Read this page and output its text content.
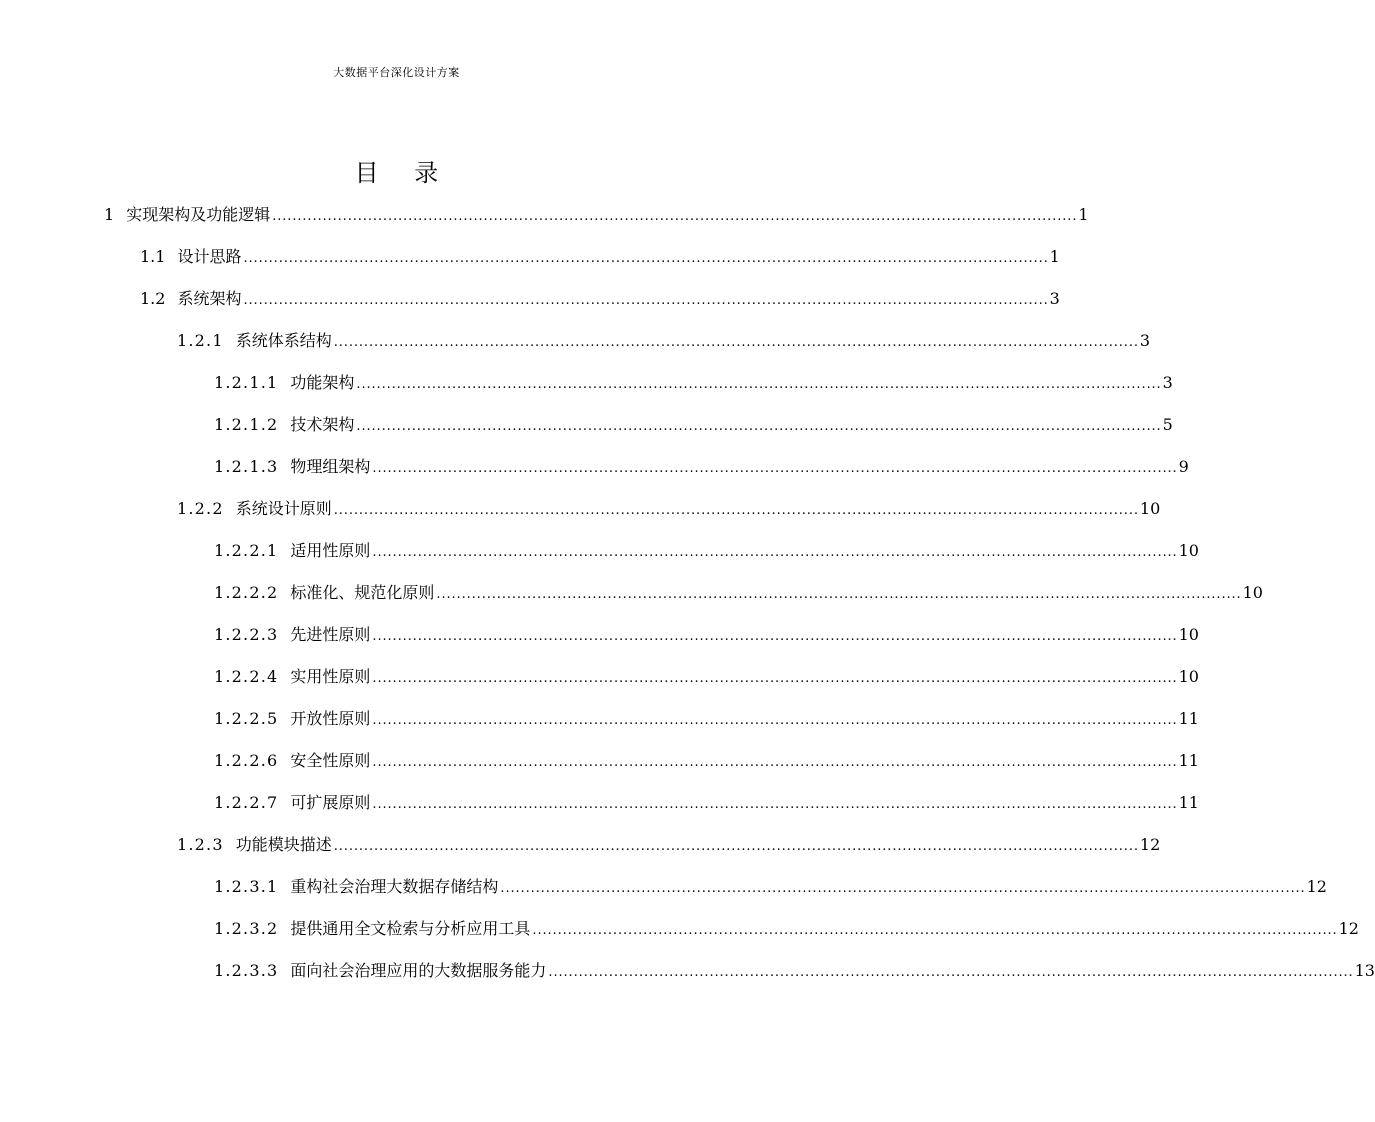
大数据平台深化设计方案
目 录
1 实现架构及功能逻辑 ................................................................................................................................................................ 1
1.1 设计思路 ................................................................................................................................................................ 1
1.2 系统架构 ................................................................................................................................................................ 3
1.2.1 系统体系结构 ................................................................................................................................................................ 3
1.2.1.1 功能架构 ................................................................................................................................................................ 3
1.2.1.2 技术架构 ................................................................................................................................................................ 5
1.2.1.3 物理组架构 ................................................................................................................................................................ 9
1.2.2 系统设计原则 ................................................................................................................................................................ 10
1.2.2.1 适用性原则 ................................................................................................................................................................ 10
1.2.2.2 标准化、规范化原则 ................................................................................................................................................................ 10
1.2.2.3 先进性原则 ................................................................................................................................................................ 10
1.2.2.4 实用性原则 ................................................................................................................................................................ 10
1.2.2.5 开放性原则 ................................................................................................................................................................ 11
1.2.2.6 安全性原则 ................................................................................................................................................................ 11
1.2.2.7 可扩展原则 ................................................................................................................................................................ 11
1.2.3 功能模块描述 ................................................................................................................................................................ 12
1.2.3.1 重构社会治理大数据存储结构 ................................................................................................................................................................ 12
1.2.3.2 提供通用全文检索与分析应用工具 ................................................................................................................................................................ 12
1.2.3.3 面向社会治理应用的大数据服务能力 ................................................................................................................................................................ 13
